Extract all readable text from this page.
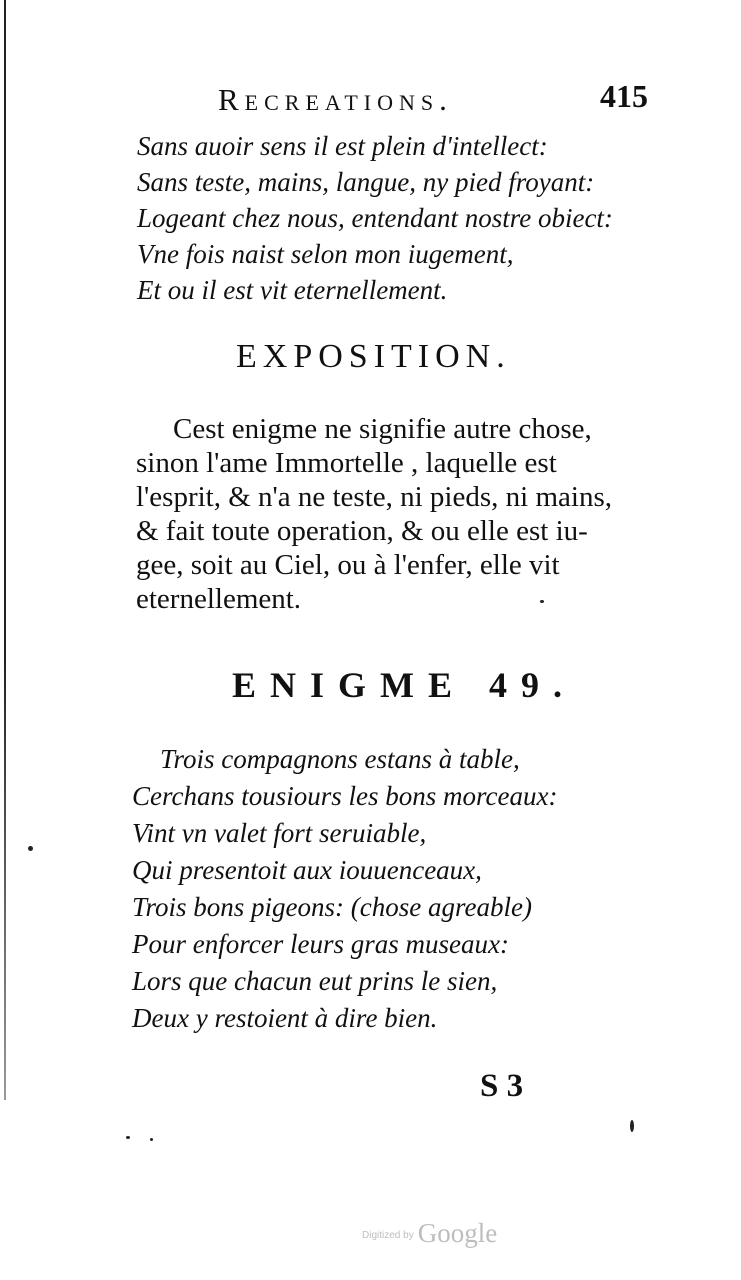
Recreations.	415
Sans auoir sens il est plein d'intellect:
Sans teste, mains, langue, ny pied froyant:
Logeant chez nous, entendant nostre obiect:
Vne fois naist selon mon iugement,
Et ou il est vit eternellement.
EXPOSITION.
Cest enigme ne signifie autre chose,
sinon l'ame Immortelle , laquelle est
l'esprit, & n'a ne teste, ni pieds, ni mains,
& fait toute operation, & ou elle est iu-
gee, soit au Ciel, ou à l'enfer, elle vit
eternellement.
ENIGME 49.
Trois compagnons estans à table,
Cerchans tousiours les bons morceaux:
Vint vn valet fort seruiable,
Qui presentoit aux iouuenceaux,
Trois bons pigeons: (chose agreable)
Pour enforcer leurs gras museaux:
Lors que chacun eut prins le sien,
Deux y restoient à dire bien.
S 3
$^{Digitized by}$ Google
